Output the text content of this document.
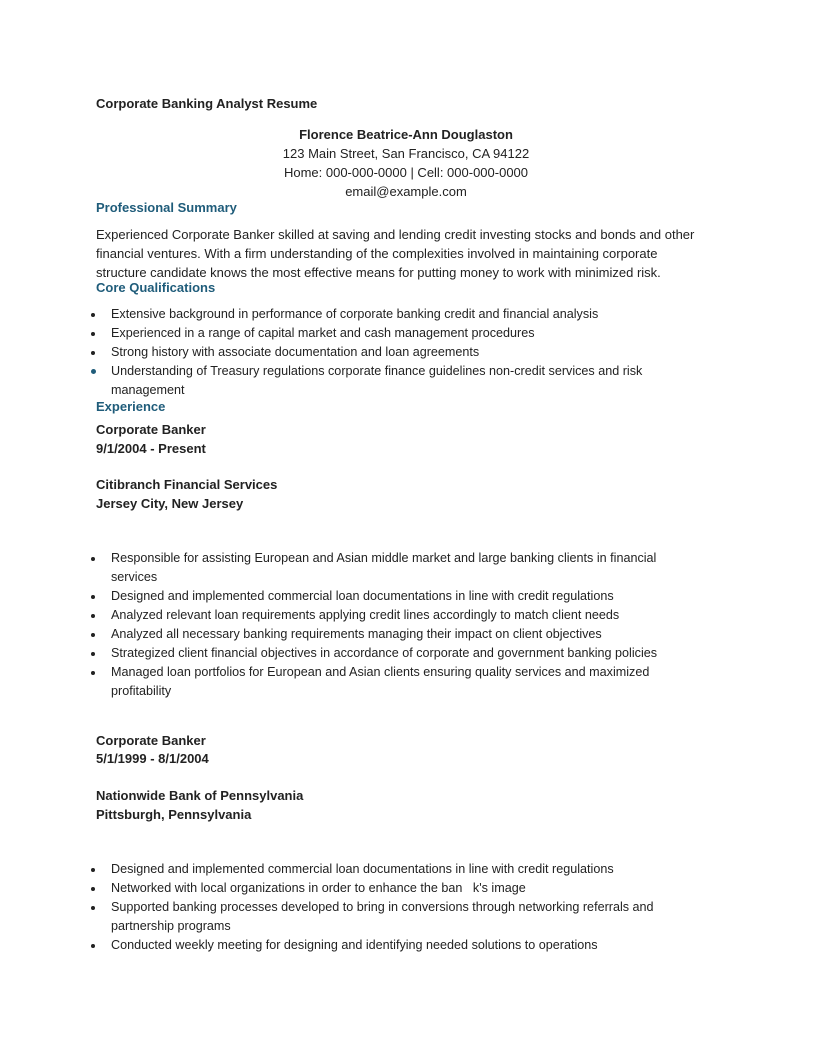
Corporate Banking Analyst Resume
Florence Beatrice-Ann Douglaston
123 Main Street, San Francisco, CA 94122
Home: 000-000-0000 | Cell: 000-000-0000
email@example.com
Professional Summary
Experienced Corporate Banker skilled at saving and lending credit investing stocks and bonds and other
financial ventures. With a firm understanding of the complexities involved in maintaining corporate
structure candidate knows the most effective means for putting money to work with minimized risk.
Core Qualifications
Extensive background in performance of corporate banking credit and financial analysis
Experienced in a range of capital market and cash management procedures
Strong history with associate documentation and loan agreements
Understanding of Treasury regulations corporate finance guidelines non-credit services and risk
management
Experience
Corporate Banker
9/1/2004 - Present
Citibranch Financial Services
Jersey City, New Jersey
Responsible for assisting European and Asian middle market and large banking clients in financial
services
Designed and implemented commercial loan documentations in line with credit regulations
Analyzed relevant loan requirements applying credit lines accordingly to match client needs
Analyzed all necessary banking requirements managing their impact on client objectives
Strategized client financial objectives in accordance of corporate and government banking policies
Managed loan portfolios for European and Asian clients ensuring quality services and maximized
profitability
Corporate Banker
5/1/1999 - 8/1/2004
Nationwide Bank of Pennsylvania
Pittsburgh, Pennsylvania
Designed and implemented commercial loan documentations in line with credit regulations
Networked with local organizations in order to enhance the ban   k's image
Supported banking processes developed to bring in conversions through networking referrals and
partnership programs
Conducted weekly meeting for designing and identifying needed solutions to operations
